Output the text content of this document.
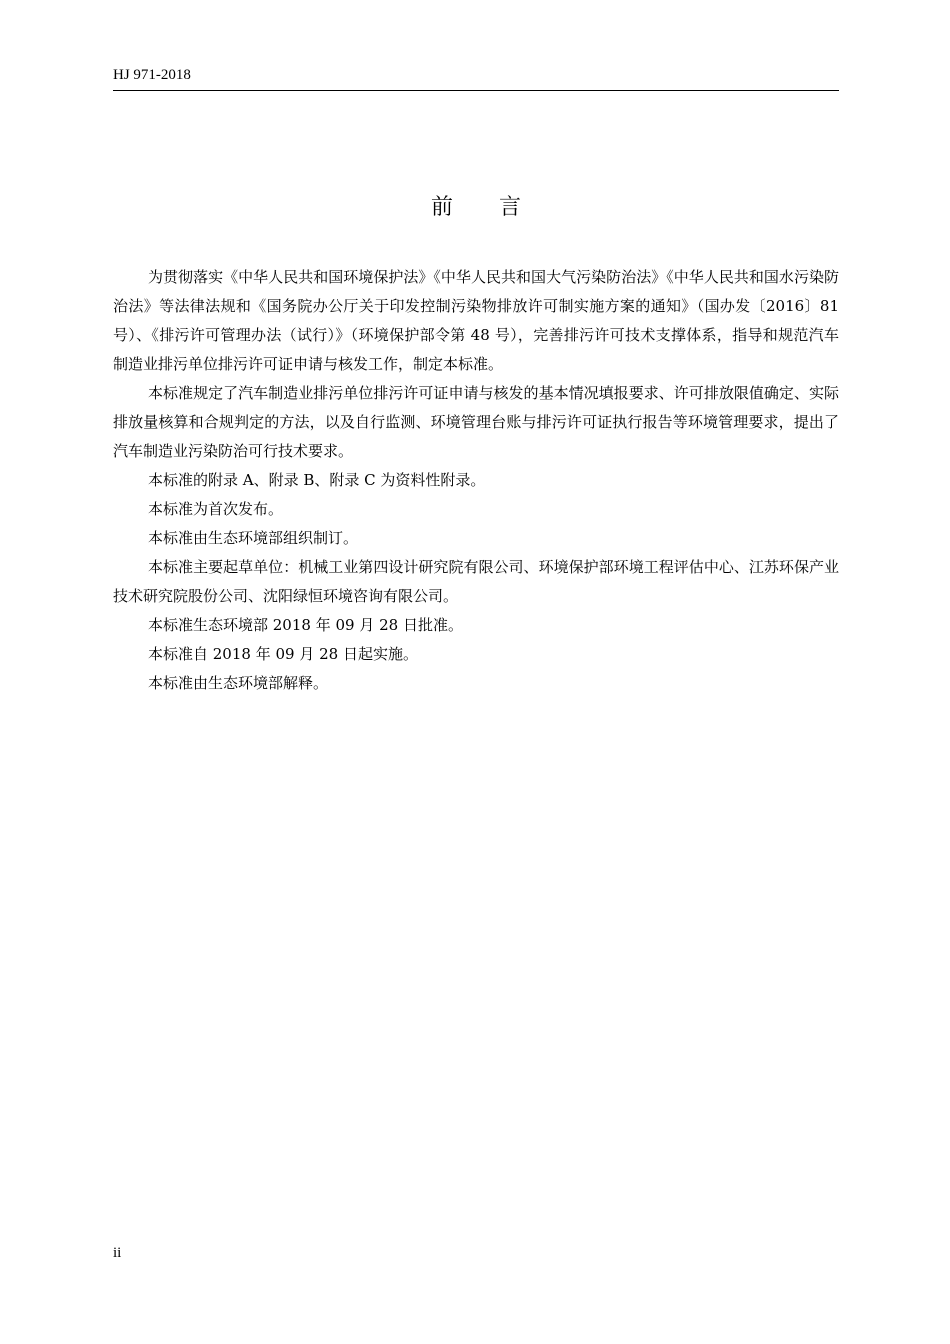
HJ 971-2018
前 言

为贯彻落实《中华人民共和国环境保护法》《中华人民共和国大气污染防治法》《中华人民共和国水污染防治法》等法律法规和《国务院办公厅关于印发控制污染物排放许可制实施方案的通知》（国办发〔2016〕81 号）、《排污许可管理办法（试行）》（环境保护部令第 48 号），完善排污许可技术支撑体系，指导和规范汽车制造业排污单位排污许可证申请与核发工作，制定本标准。

本标准规定了汽车制造业排污单位排污许可证申请与核发的基本情况填报要求、许可排放限值确定、实际排放量核算和合规判定的方法，以及自行监测、环境管理台账与排污许可证执行报告等环境管理要求，提出了汽车制造业污染防治可行技术要求。

本标准的附录 A、附录 B、附录 C 为资料性附录。

本标准为首次发布。

本标准由生态环境部组织制订。

本标准主要起草单位：机械工业第四设计研究院有限公司、环境保护部环境工程评估中心、江苏环保产业技术研究院股份公司、沈阳绿恒环境咨询有限公司。

本标准生态环境部 2018 年 09 月 28 日批准。

本标准自 2018 年 09 月 28 日起实施。

本标准由生态环境部解释。

ii
